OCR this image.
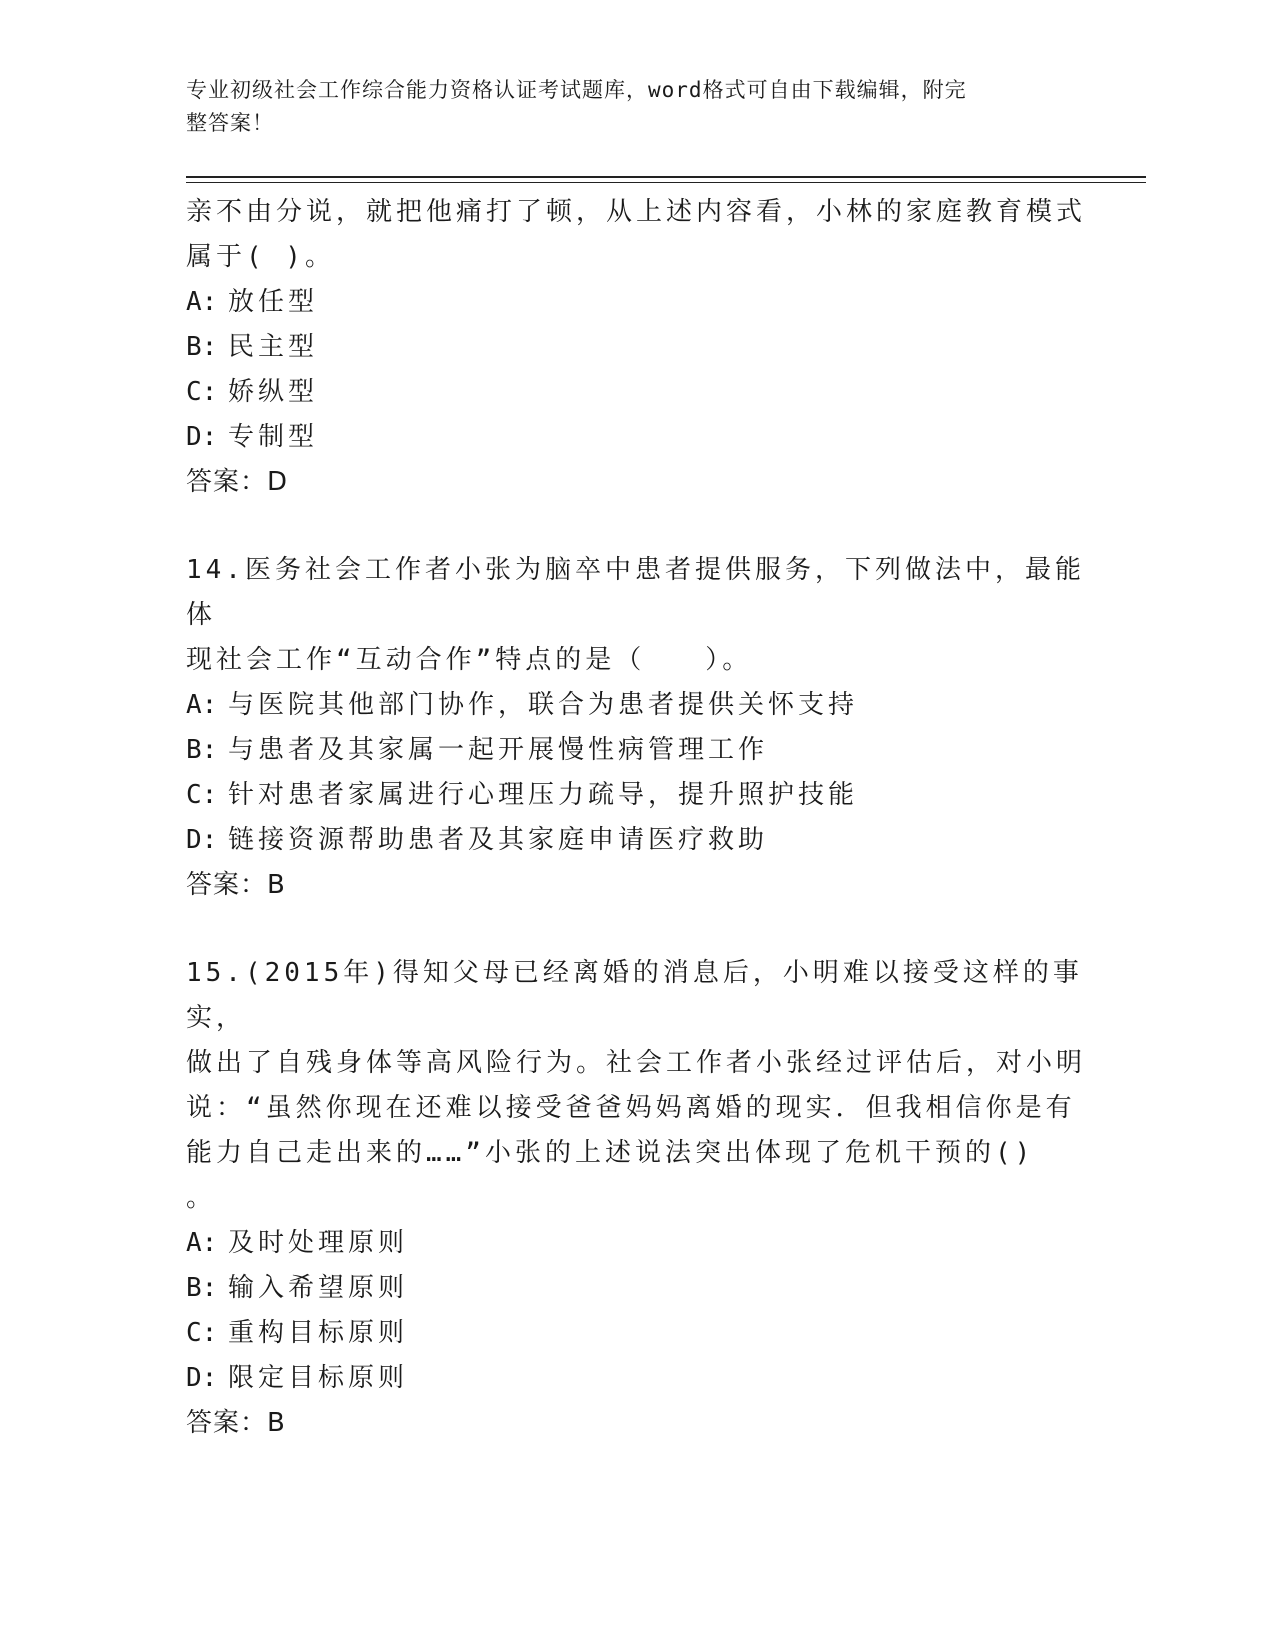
专业初级社会工作综合能力资格认证考试题库，word格式可自由下载编辑，附完
整答案！

亲不由分说，就把他痛打了顿，从上述内容看，小林的家庭教育模式

属于( )。

A: 放任型

B: 民主型

C: 娇纵型

D: 专制型

答案：D

14.医务社会工作者小张为脑卒中患者提供服务，下列做法中，最能体

现社会工作“互动合作”特点的是（　　）。

A: 与医院其他部门协作，联合为患者提供关怀支持

B: 与患者及其家属一起开展慢性病管理工作

C: 针对患者家属进行心理压力疏导，提升照护技能

D: 链接资源帮助患者及其家庭申请医疗救助

答案：B

15.(2015年)得知父母已经离婚的消息后，小明难以接受这样的事实，

做出了自残身体等高风险行为。社会工作者小张经过评估后，对小明

说：“虽然你现在还难以接受爸爸妈妈离婚的现实．但我相信你是有

能力自己走出来的……”小张的上述说法突出体现了危机干预的()

。

A: 及时处理原则

B: 输入希望原则

C: 重构目标原则

D: 限定目标原则

答案：B
